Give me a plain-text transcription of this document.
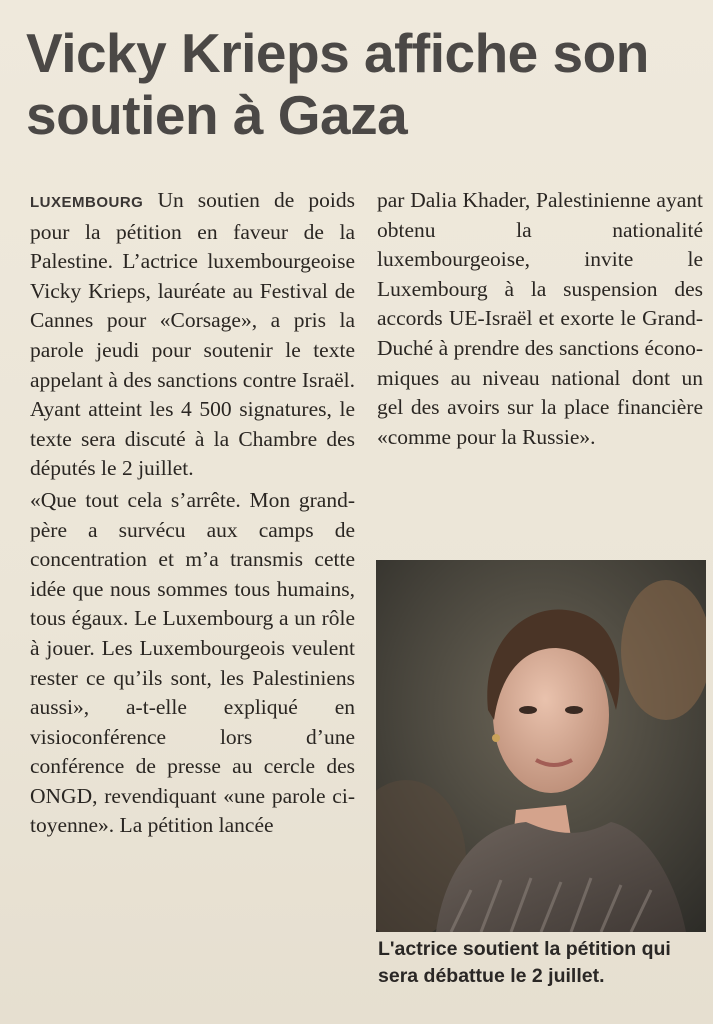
Vicky Krieps affiche son soutien à Gaza

LUXEMBOURG Un soutien de poids pour la pétition en faveur de la Palestine. L’actrice luxembourgeoise Vicky Krieps, lauréate au Festival de Cannes pour «Corsage», a pris la parole jeudi pour soutenir le texte appelant à des sanctions contre Israël. Ayant atteint les 4 500 signatures, le texte sera discuté à la Chambre des députés le 2 juillet.

«Que tout cela s’arrête. Mon grand-père a survécu aux camps de concentration et m’a transmis cette idée que nous sommes tous humains, tous égaux. Le Luxembourg a un rôle à jouer. Les Luxembourgeois veulent rester ce qu’ils sont, les Palestiniens aussi», a-t-elle expliqué en visioconférence lors d’une conférence de presse au cercle des ONGD, revendiquant «une parole citoyenne». La pétition lancée

par Dalia Khader, Palestinienne ayant obtenu la nationalité luxembourgeoise, invite le Luxembourg à la suspension des accords UE-Israël et exorte le Grand-Duché à prendre des sanctions économiques au niveau national dont un gel des avoirs sur la place financière «comme pour la Russie».

L'actrice soutient la pétition qui sera débattue le 2 juillet.
